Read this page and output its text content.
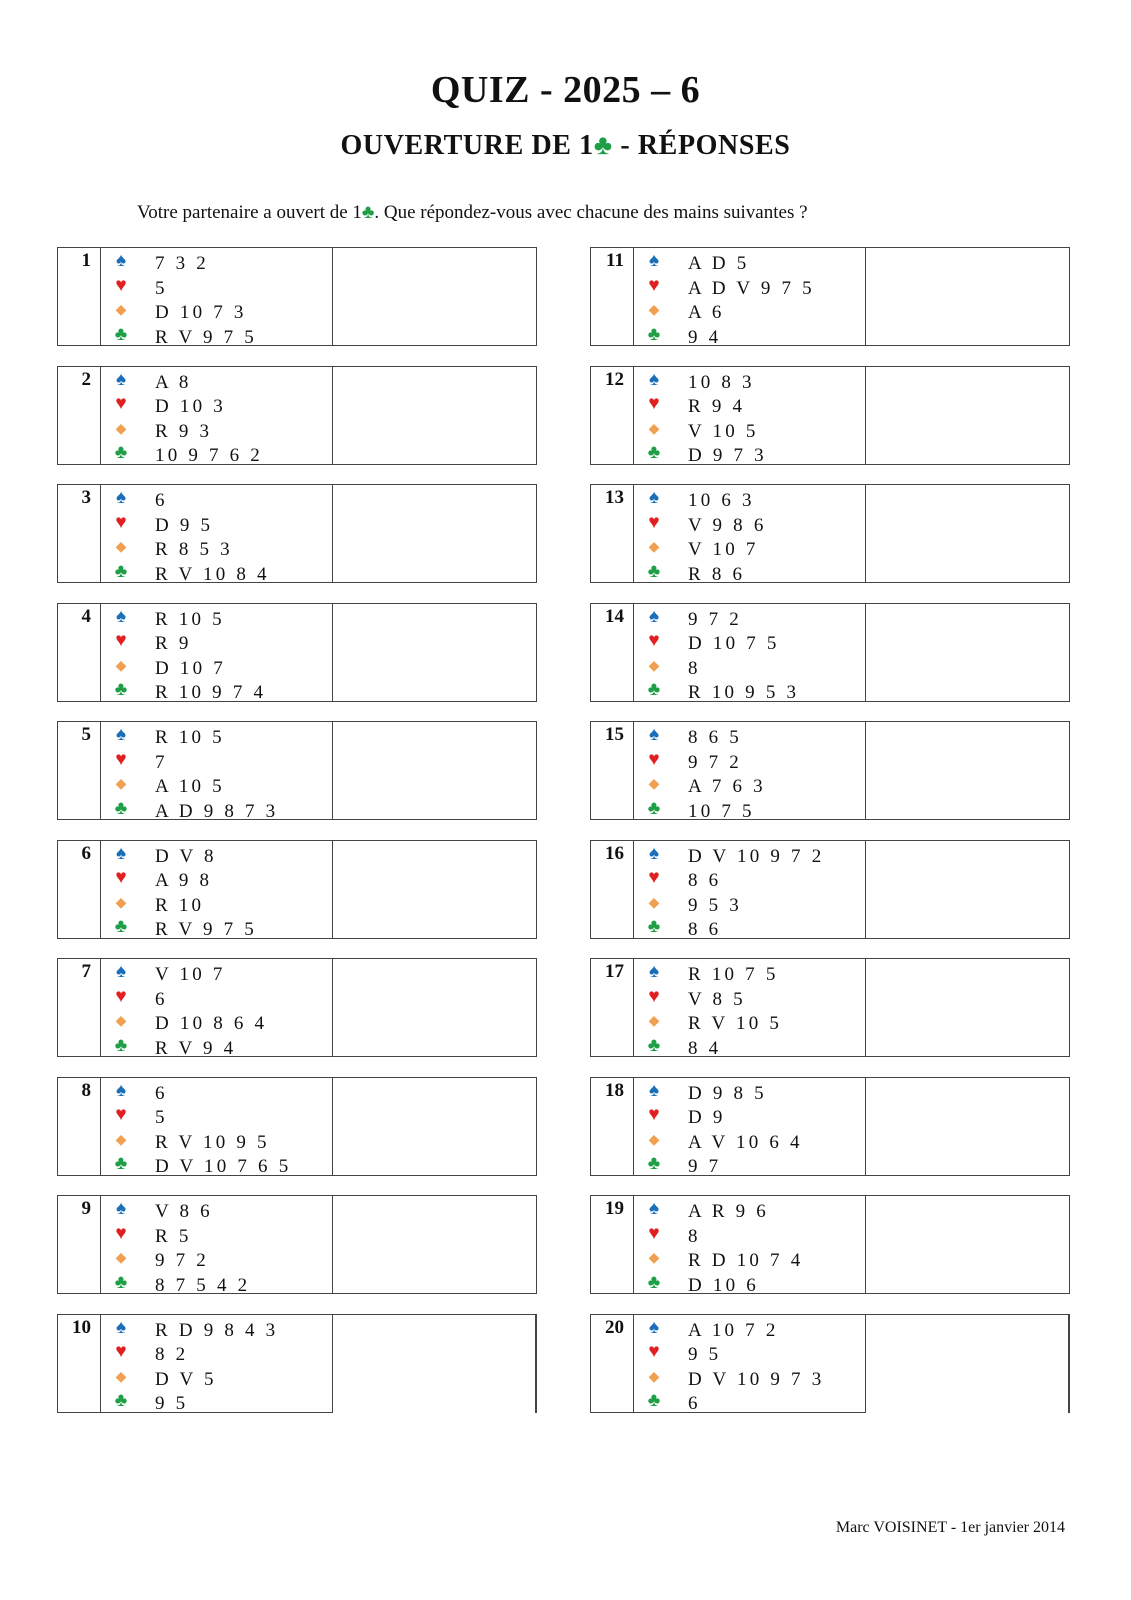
QUIZ - 2025 – 6
OUVERTURE DE 1♣ - RÉPONSES
Votre partenaire a ouvert de 1♣. Que répondez-vous avec chacune des mains suivantes ?
1	♠	7 3 2
♥	5
◆	D 10 7 3
♣	R V 9 7 5
2	♠	A 8
♥	D 10 3
◆	R 9 3
♣	10 9 7 6 2
3	♠	6
♥	D 9 5
◆	R 8 5 3
♣	R V 10 8 4
4	♠	R 10 5
♥	R 9
◆	D 10 7
♣	R 10 9 7 4
5	♠	R 10 5
♥	7
◆	A 10 5
♣	A D 9 8 7 3
6	♠	D V 8
♥	A 9 8
◆	R 10
♣	R V 9 7 5
7	♠	V 10 7
♥	6
◆	D 10 8 6 4
♣	R V 9 4
8	♠	6
♥	5
◆	R V 10 9 5
♣	D V 10 7 6 5
9	♠	V 8 6
♥	R 5
◆	9 7 2
♣	8 7 5 4 2
10	♠	R D 9 8 4 3
♥	8 2
◆	D V 5
♣	9 5
11	♠	A D 5
♥	A D V 9 7 5
◆	A 6
♣	9 4
12	♠	10 8 3
♥	R 9 4
◆	V 10 5
♣	D 9 7 3
13	♠	10 6 3
♥	V 9 8 6
◆	V 10 7
♣	R 8 6
14	♠	9 7 2
♥	D 10 7 5
◆	8
♣	R 10 9 5 3
15	♠	8 6 5
♥	9 7 2
◆	A 7 6 3
♣	10 7 5
16	♠	D V 10 9 7 2
♥	8 6
◆	9 5 3
♣	8 6
17	♠	R 10 7 5
♥	V 8 5
◆	R V 10 5
♣	8 4
18	♠	D 9 8 5
♥	D 9
◆	A V 10 6 4
♣	9 7
19	♠	A R 9 6
♥	8
◆	R D 10 7 4
♣	D 10 6
20	♠	A 10 7 2
♥	9 5
◆	D V 10 9 7 3
♣	6
Marc VOISINET - 1er janvier 2014
